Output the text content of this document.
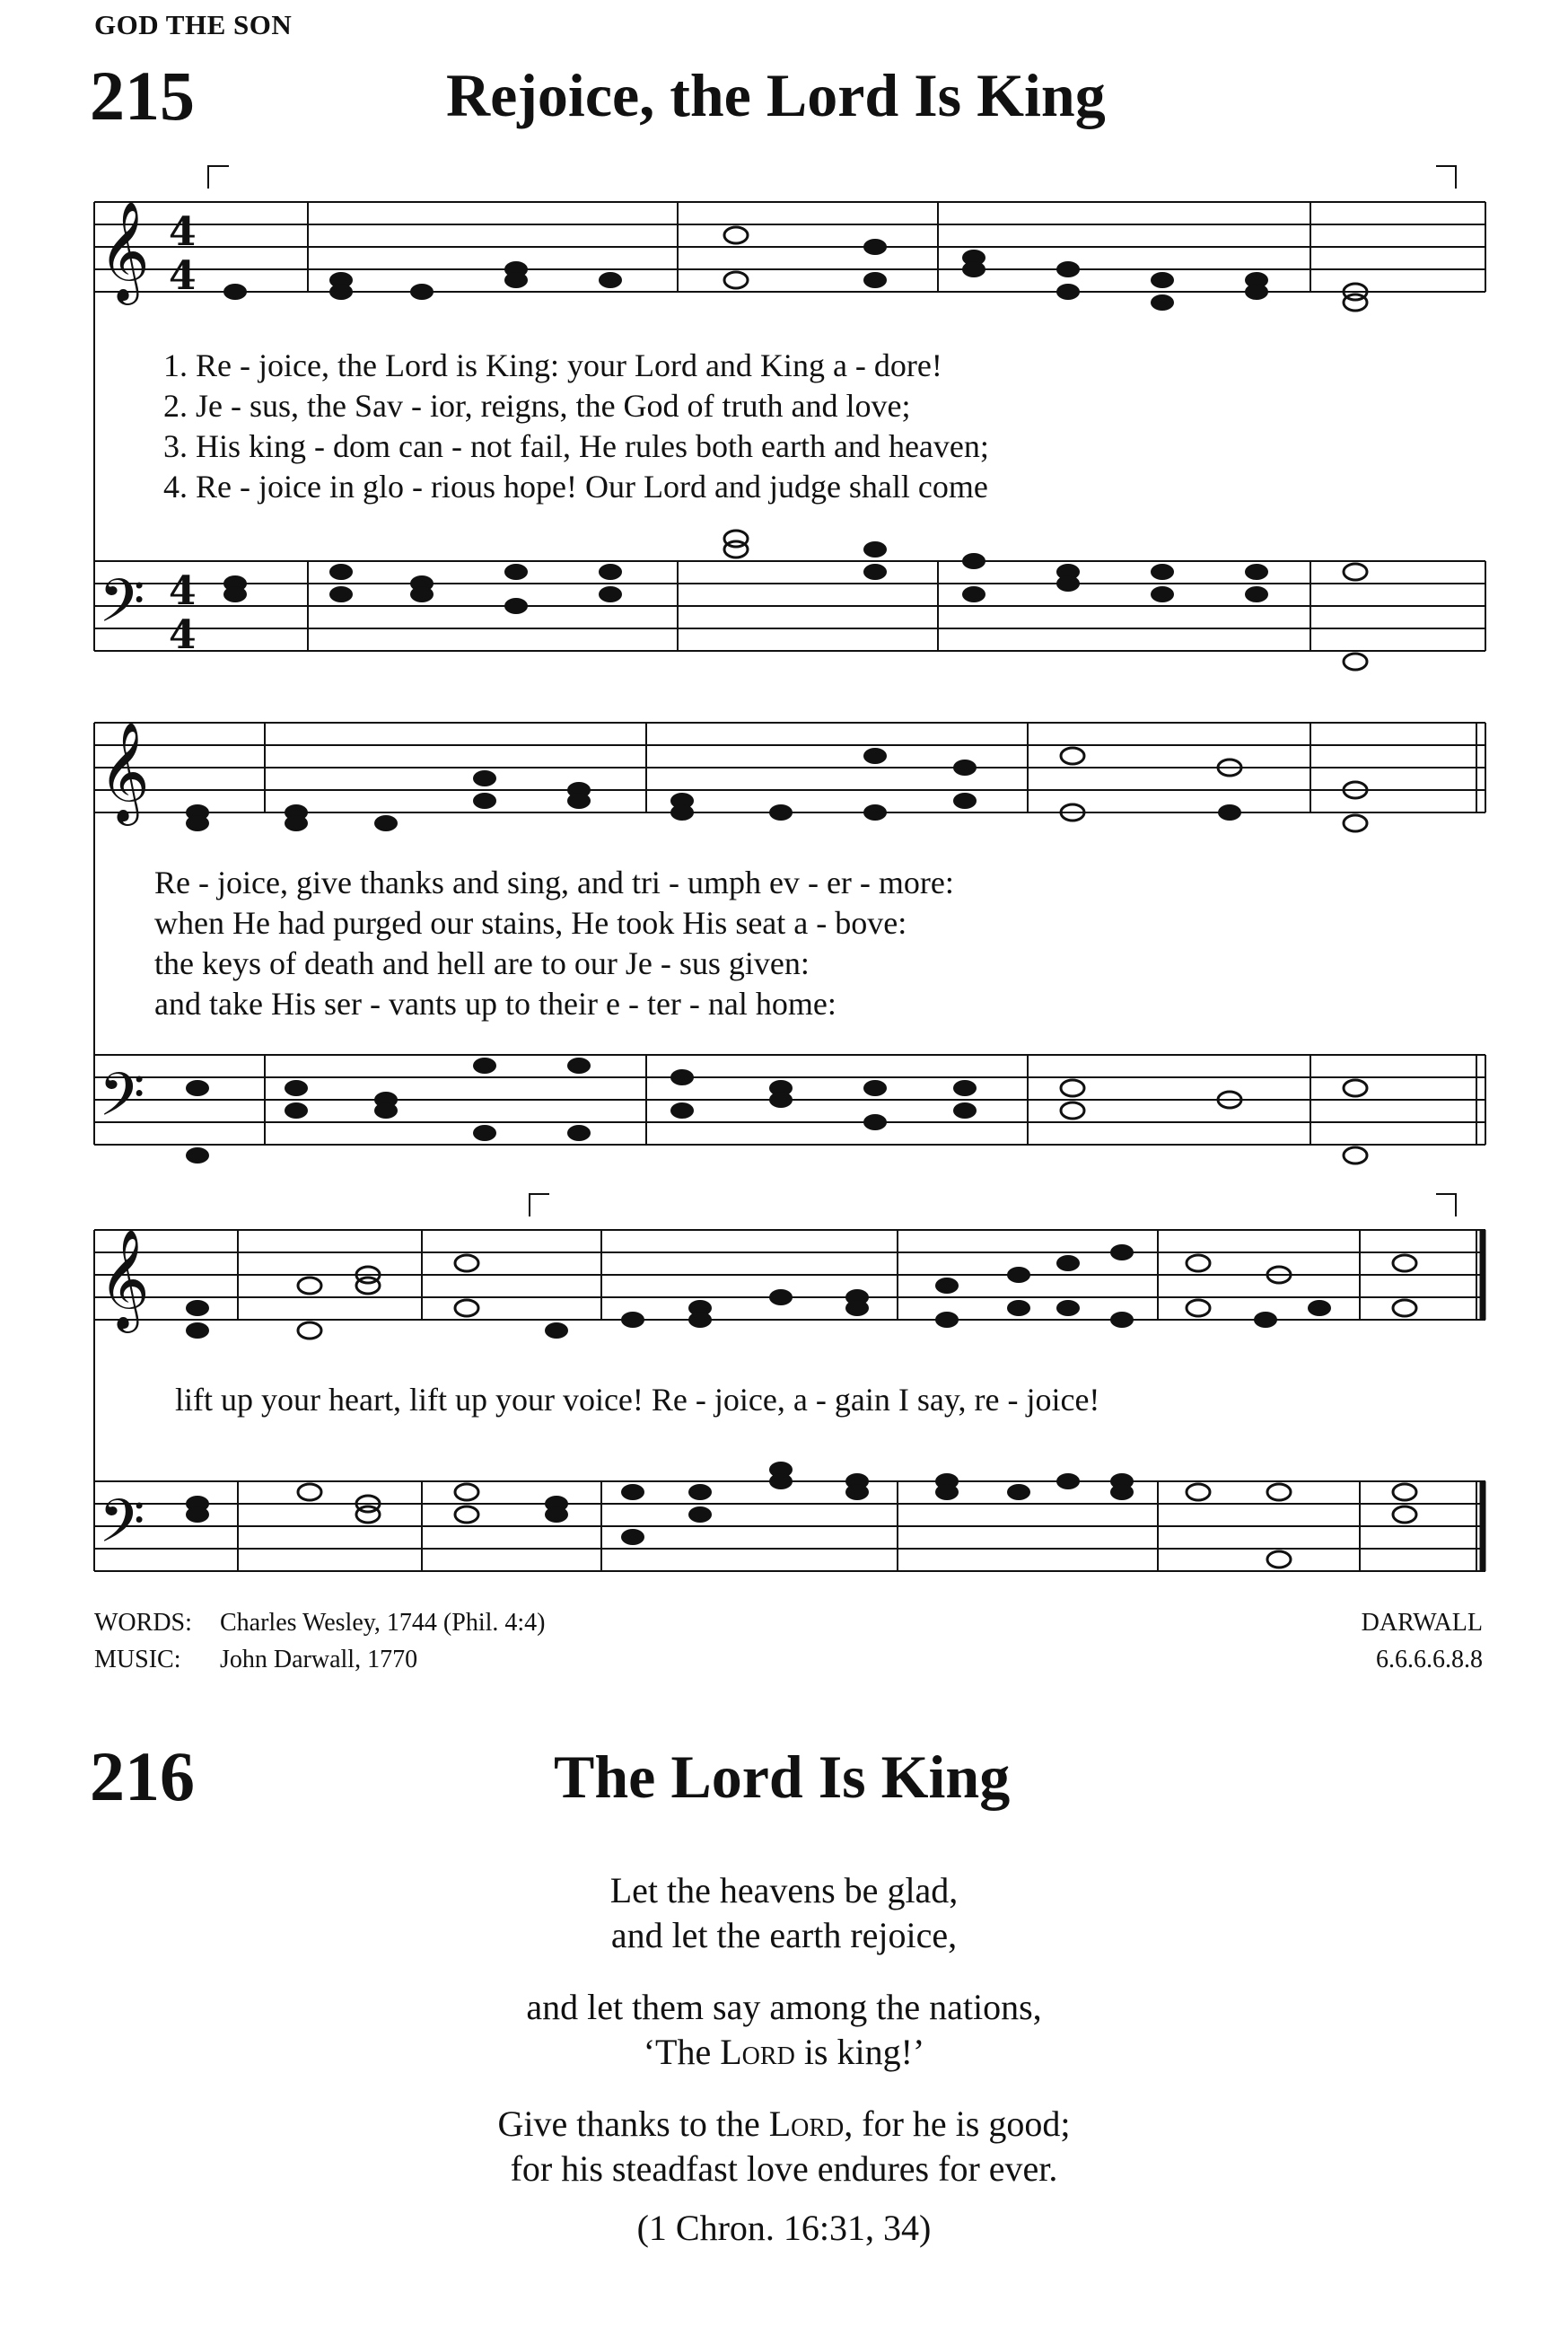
GOD THE SON
215	Rejoice, the Lord Is King
𝄞
𝄢
𝄞
𝄢
𝄞
𝄢
4
4
4
4
1. Re - joice, the Lord is King: your Lord and King a - dore!
2. Je - sus, the Sav - ior, reigns, the God of truth and love;
3. His king - dom can - not fail, He rules both earth and heaven;
4. Re - joice in glo - rious hope! Our Lord and judge shall come
Re - joice, give thanks and sing, and tri - umph ev - er - more:
when He had purged our stains, He took His seat a - bove:
the keys of death and hell are to our Je - sus given:
and take His ser - vants up to their e - ter - nal home:
lift up your heart, lift up your voice! Re - joice, a - gain I say, re - joice!
WORDS: Charles Wesley, 1744 (Phil. 4:4)
MUSIC: John Darwall, 1770
DARWALL
6.6.6.6.8.8
216	The Lord Is King
Let the heavens be glad,
and let the earth rejoice,
and let them say among the nations,
‘The Lord is king!’
Give thanks to the Lord, for he is good;
for his steadfast love endures for ever.
(1 Chron. 16:31, 34)
